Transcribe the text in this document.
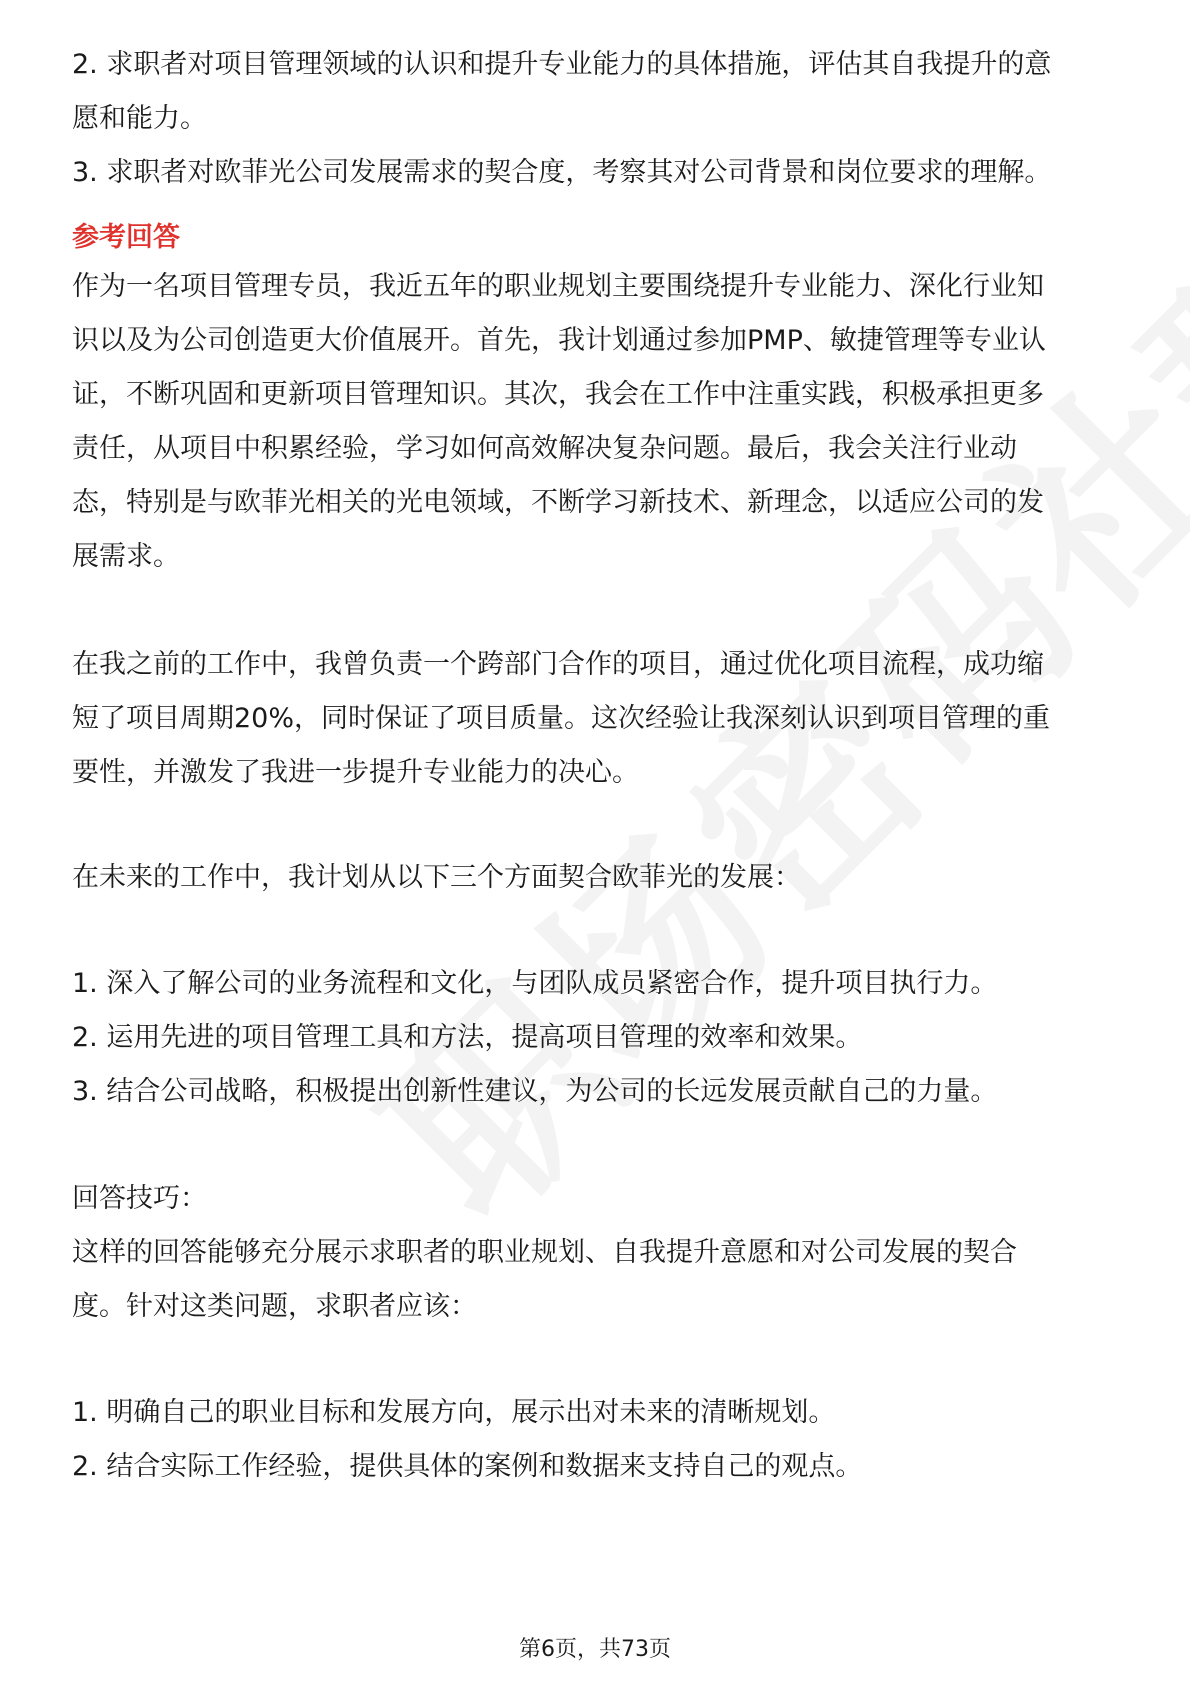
2. 求职者对项目管理领域的认识和提升专业能力的具体措施，评估其自我提升的意
愿和能力。
3. 求职者对欧菲光公司发展需求的契合度，考察其对公司背景和岗位要求的理解。
参考回答
作为一名项目管理专员，我近五年的职业规划主要围绕提升专业能力、深化行业知
识以及为公司创造更大价值展开。首先，我计划通过参加PMP、敏捷管理等专业认
证，不断巩固和更新项目管理知识。其次，我会在工作中注重实践，积极承担更多
责任，从项目中积累经验，学习如何高效解决复杂问题。最后，我会关注行业动
态，特别是与欧菲光相关的光电领域，不断学习新技术、新理念，以适应公司的发
展需求。
在我之前的工作中，我曾负责一个跨部门合作的项目，通过优化项目流程，成功缩
短了项目周期20%，同时保证了项目质量。这次经验让我深刻认识到项目管理的重
要性，并激发了我进一步提升专业能力的决心。
在未来的工作中，我计划从以下三个方面契合欧菲光的发展：
1. 深入了解公司的业务流程和文化，与团队成员紧密合作，提升项目执行力。
2. 运用先进的项目管理工具和方法，提高项目管理的效率和效果。
3. 结合公司战略，积极提出创新性建议，为公司的长远发展贡献自己的力量。
回答技巧：
这样的回答能够充分展示求职者的职业规划、自我提升意愿和对公司发展的契合
度。针对这类问题，求职者应该：
1. 明确自己的职业目标和发展方向，展示出对未来的清晰规划。
2. 结合实际工作经验，提供具体的案例和数据来支持自己的观点。
第6页，共73页
